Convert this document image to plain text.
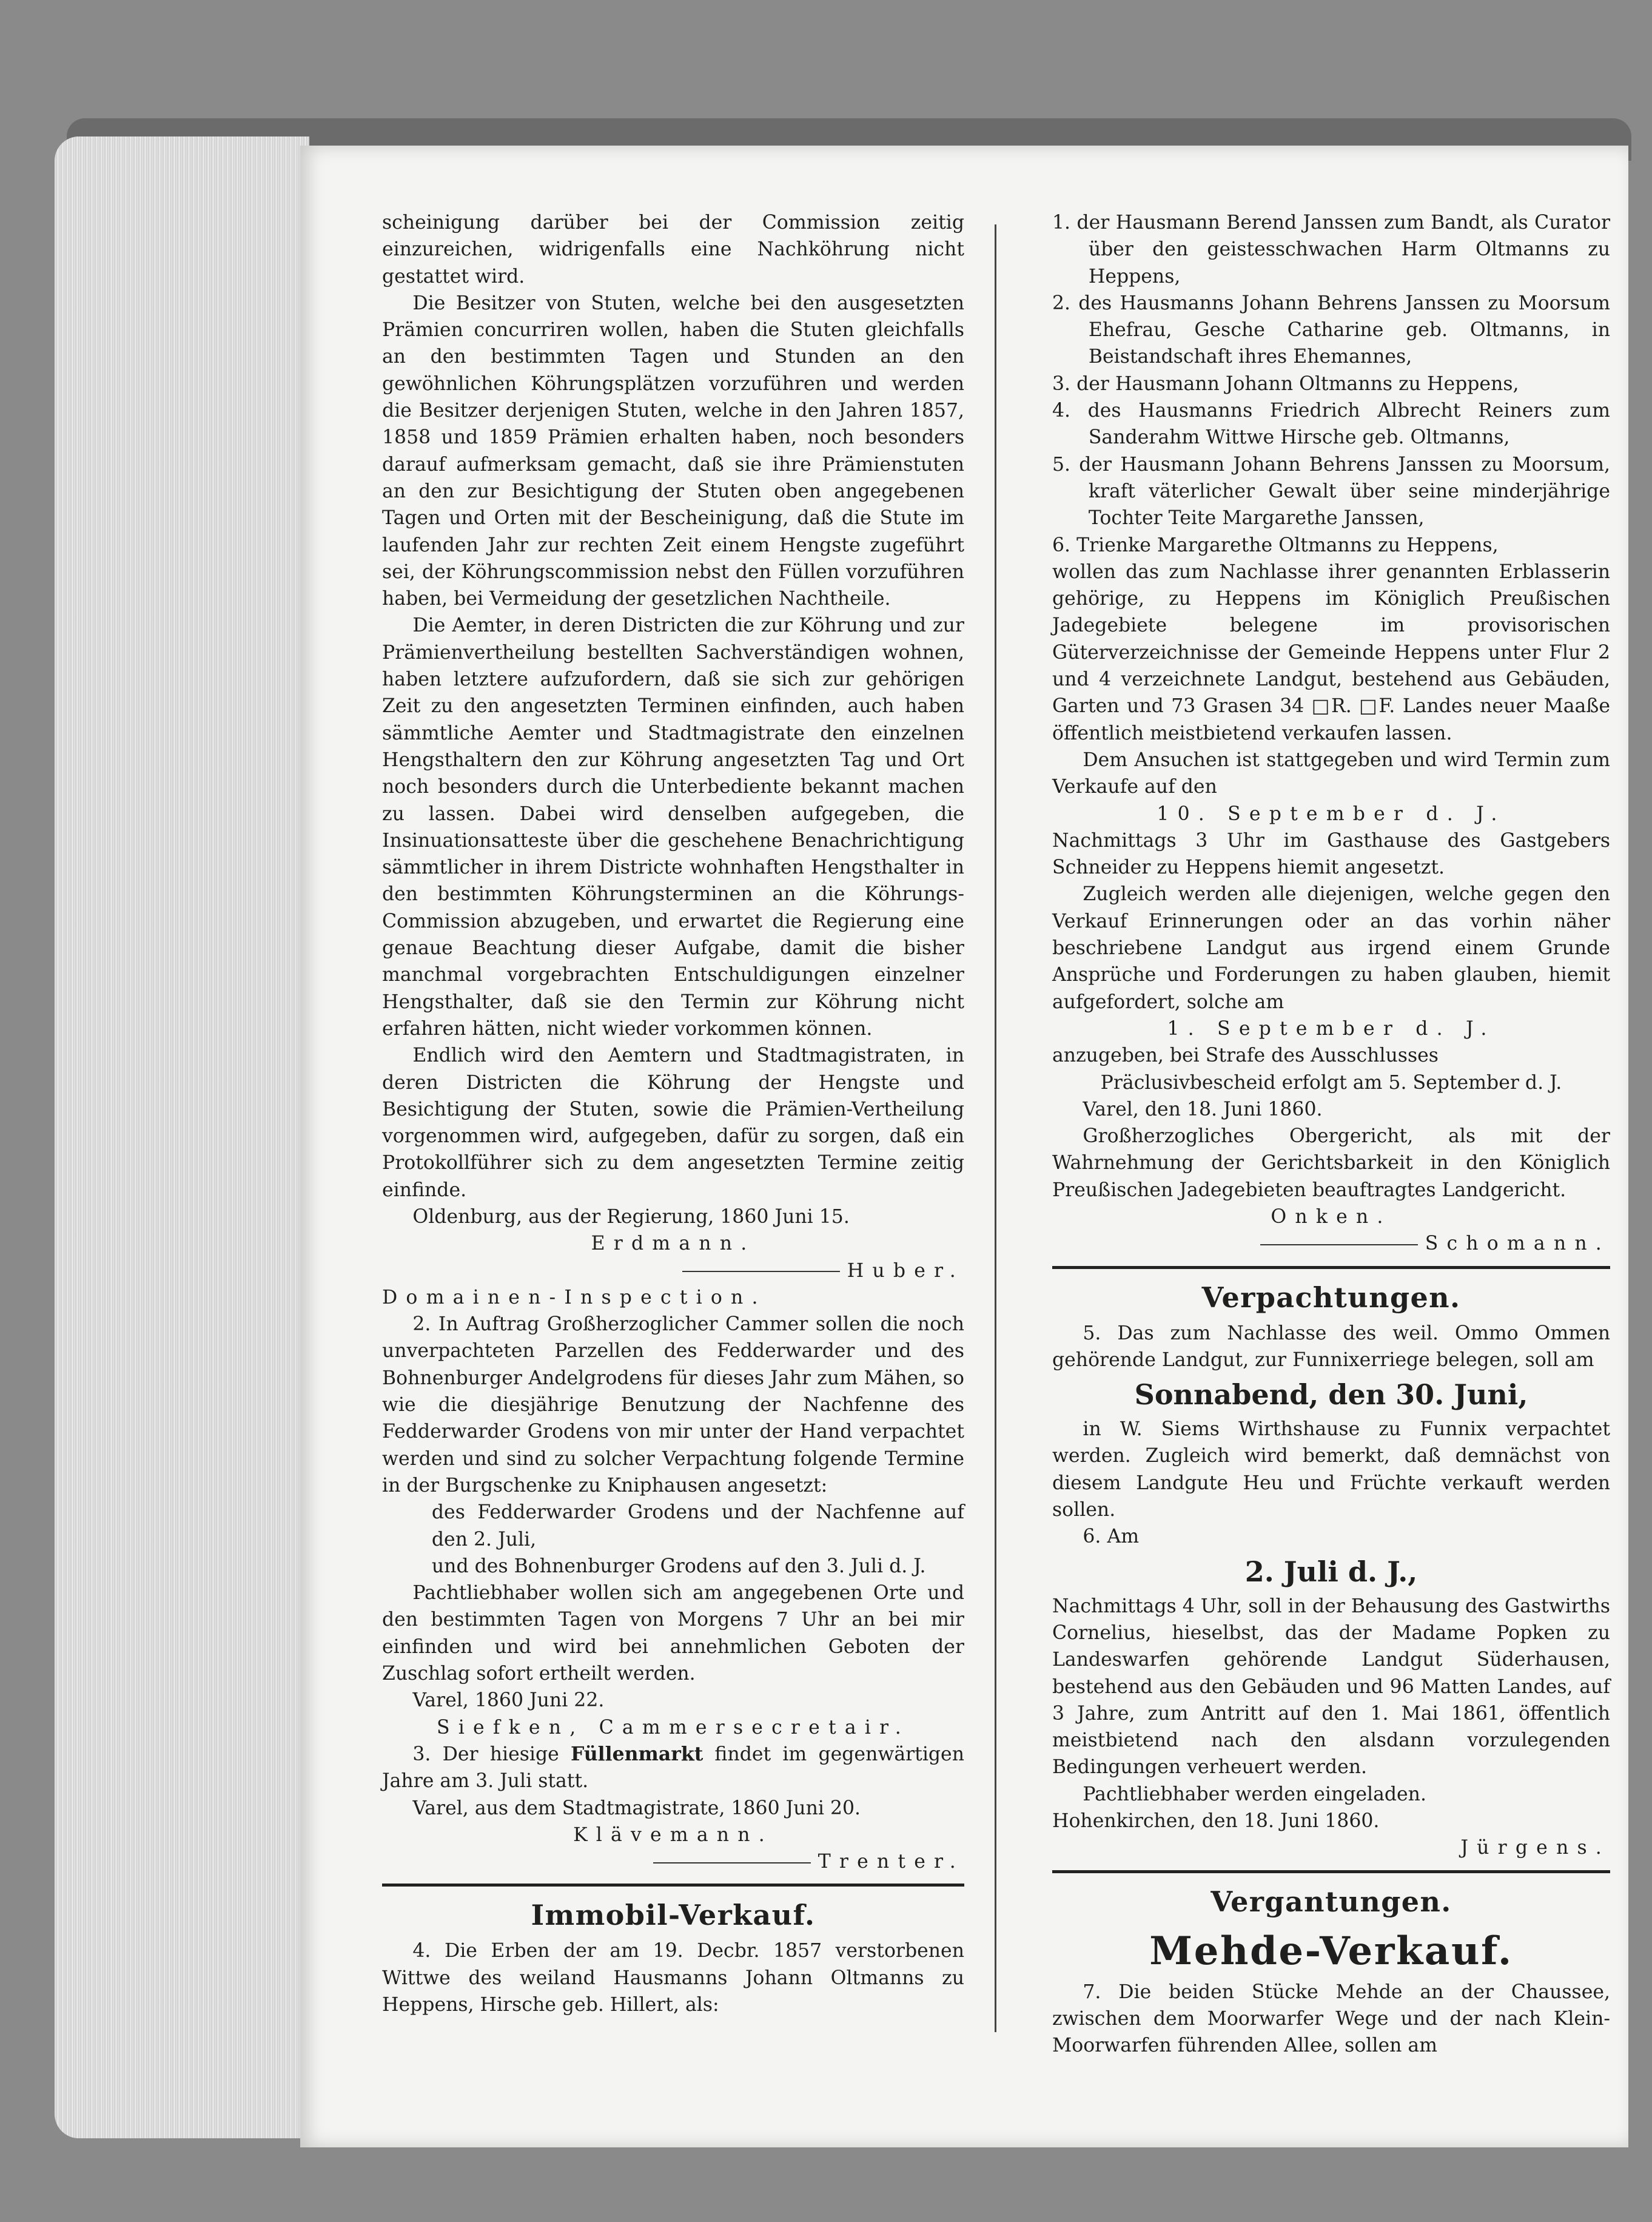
scheinigung darüber bei der Commission zeitig einzureichen, widrigenfalls eine Nachköhrung nicht gestattet wird.

Die Besitzer von Stuten, welche bei den ausgesetzten Prämien concurriren wollen, haben die Stuten gleichfalls an den bestimmten Tagen und Stunden an den gewöhnlichen Köhrungsplätzen vorzuführen und werden die Besitzer derjenigen Stuten, welche in den Jahren 1857, 1858 und 1859 Prämien erhalten haben, noch besonders darauf aufmerksam gemacht, daß sie ihre Prämienstuten an den zur Besichtigung der Stuten oben angegebenen Tagen und Orten mit der Bescheinigung, daß die Stute im laufenden Jahr zur rechten Zeit einem Hengste zugeführt sei, der Köhrungscommission nebst den Füllen vorzuführen haben, bei Vermeidung der gesetzlichen Nachtheile.

Die Aemter, in deren Districten die zur Köhrung und zur Prämienvertheilung bestellten Sachverständigen wohnen, haben letztere aufzufordern, daß sie sich zur gehörigen Zeit zu den angesetzten Terminen einfinden, auch haben sämmtliche Aemter und Stadtmagistrate den einzelnen Hengsthaltern den zur Köhrung angesetzten Tag und Ort noch besonders durch die Unterbediente bekannt machen zu lassen. Dabei wird denselben aufgegeben, die Insinuationsatteste über die geschehene Benachrichtigung sämmtlicher in ihrem Districte wohnhaften Hengsthalter in den bestimmten Köhrungsterminen an die Köhrungs-Commission abzugeben, und erwartet die Regierung eine genaue Beachtung dieser Aufgabe, damit die bisher manchmal vorgebrachten Entschuldigungen einzelner Hengsthalter, daß sie den Termin zur Köhrung nicht erfahren hätten, nicht wieder vorkommen können.

Endlich wird den Aemtern und Stadtmagistraten, in deren Districten die Köhrung der Hengste und Besichtigung der Stuten, sowie die Prämien-Vertheilung vorgenommen wird, aufgegeben, dafür zu sorgen, daß ein Protokollführer sich zu dem angesetzten Termine zeitig einfinde.

Oldenburg, aus der Regierung, 1860 Juni 15.

Erdmann.

Huber.

Domainen-Inspection.

2. In Auftrag Großherzoglicher Cammer sollen die noch unverpachteten Parzellen des Fedderwarder und des Bohnenburger Andelgrodens für dieses Jahr zum Mähen, so wie die diesjährige Benutzung der Nachfenne des Fedderwarder Grodens von mir unter der Hand verpachtet werden und sind zu solcher Verpachtung folgende Termine in der Burgschenke zu Kniphausen angesetzt:

des Fedderwarder Grodens und der Nachfenne auf den 2. Juli,

und des Bohnenburger Grodens auf den 3. Juli d. J.

Pachtliebhaber wollen sich am angegebenen Orte und den bestimmten Tagen von Morgens 7 Uhr an bei mir einfinden und wird bei annehmlichen Geboten der Zuschlag sofort ertheilt werden.

Varel, 1860 Juni 22.

Siefken, Cammersecretair.

3. Der hiesige Füllenmarkt findet im gegenwärtigen Jahre am 3. Juli statt.

Varel, aus dem Stadtmagistrate, 1860 Juni 20.

Klävemann.

Trenter.

Immobil-Verkauf.

4. Die Erben der am 19. Decbr. 1857 verstorbenen Wittwe des weiland Hausmanns Johann Oltmanns zu Heppens, Hirsche geb. Hillert, als:

1. der Hausmann Berend Janssen zum Bandt, als Curator über den geistesschwachen Harm Oltmanns zu Heppens,

2. des Hausmanns Johann Behrens Janssen zu Moorsum Ehefrau, Gesche Catharine geb. Oltmanns, in Beistandschaft ihres Ehemannes,

3. der Hausmann Johann Oltmanns zu Heppens,

4. des Hausmanns Friedrich Albrecht Reiners zum Sanderahm Wittwe Hirsche geb. Oltmanns,

5. der Hausmann Johann Behrens Janssen zu Moorsum, kraft väterlicher Gewalt über seine minderjährige Tochter Teite Margarethe Janssen,

6. Trienke Margarethe Oltmanns zu Heppens,

wollen das zum Nachlasse ihrer genannten Erblasserin gehörige, zu Heppens im Königlich Preußischen Jadegebiete belegene im provisorischen Güterverzeichnisse der Gemeinde Heppens unter Flur 2 und 4 verzeichnete Landgut, bestehend aus Gebäuden, Garten und 73 Grasen 34 □R. □F. Landes neuer Maaße öffentlich meistbietend verkaufen lassen.

Dem Ansuchen ist stattgegeben und wird Termin zum Verkaufe auf den

10. September d. J.

Nachmittags 3 Uhr im Gasthause des Gastgebers Schneider zu Heppens hiemit angesetzt.

Zugleich werden alle diejenigen, welche gegen den Verkauf Erinnerungen oder an das vorhin näher beschriebene Landgut aus irgend einem Grunde Ansprüche und Forderungen zu haben glauben, hiemit aufgefordert, solche am

1. September d. J.

anzugeben, bei Strafe des Ausschlusses

Präclusivbescheid erfolgt am 5. September d. J.

Varel, den 18. Juni 1860.

Großherzogliches Obergericht, als mit der Wahrnehmung der Gerichtsbarkeit in den Königlich Preußischen Jadegebieten beauftragtes Landgericht.

Onken.

Schomann.

Verpachtungen.

5. Das zum Nachlasse des weil. Ommo Ommen gehörende Landgut, zur Funnixerriege belegen, soll am

Sonnabend, den 30. Juni,

in W. Siems Wirthshause zu Funnix verpachtet werden. Zugleich wird bemerkt, daß demnächst von diesem Landgute Heu und Früchte verkauft werden sollen.

6. Am

2. Juli d. J.,

Nachmittags 4 Uhr, soll in der Behausung des Gastwirths Cornelius, hieselbst, das der Madame Popken zu Landeswarfen gehörende Landgut Süderhausen, bestehend aus den Gebäuden und 96 Matten Landes, auf 3 Jahre, zum Antritt auf den 1. Mai 1861, öffentlich meistbietend nach den alsdann vorzulegenden Bedingungen verheuert werden.

Pachtliebhaber werden eingeladen.

Hohenkirchen, den 18. Juni 1860.

Jürgens.

Vergantungen.

Mehde-Verkauf.

7. Die beiden Stücke Mehde an der Chaussee, zwischen dem Moorwarfer Wege und der nach Klein-Moorwarfen führenden Allee, sollen am
